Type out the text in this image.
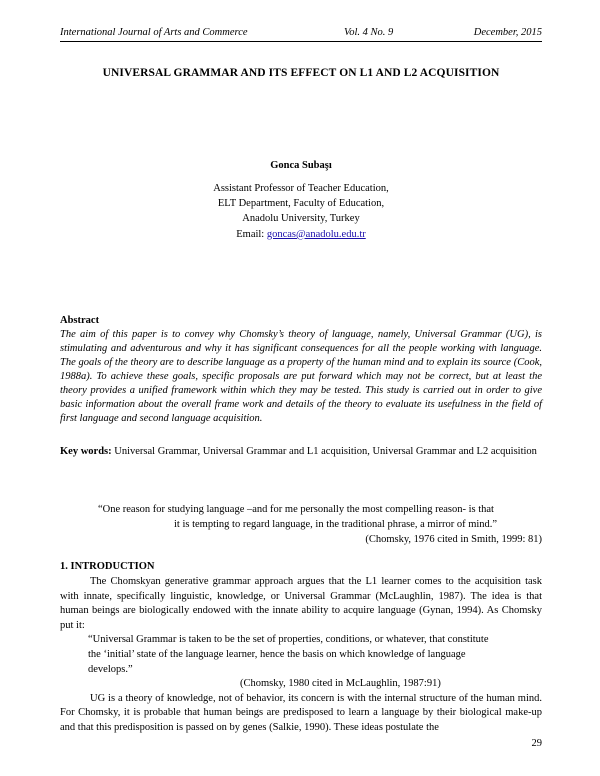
International Journal of Arts and Commerce	Vol. 4 No. 9	December, 2015
UNIVERSAL GRAMMAR AND ITS EFFECT ON L1 AND L2 ACQUISITION
Gonca Subaşı
Assistant Professor of Teacher Education,
ELT Department, Faculty of Education,
Anadolu University, Turkey
Email: goncas@anadolu.edu.tr
Abstract
The aim of this paper is to convey why Chomsky’s theory of language, namely, Universal Grammar (UG), is stimulating and adventurous and why it has significant consequences for all the people working with language. The goals of the theory are to describe language as a property of the human mind and to explain its source (Cook, 1988a). To achieve these goals, specific proposals are put forward which may not be correct, but at least the theory provides a unified framework within which they may be tested. This study is carried out in order to give basic information about the overall frame work and details of the theory to evaluate its usefulness in the field of first language and second language acquisition.
Key words: Universal Grammar, Universal Grammar and L1 acquisition, Universal Grammar and L2 acquisition
“One reason for studying language –and for me personally the most compelling reason- is that
it is tempting to regard language, in the traditional phrase, a mirror of mind.”
(Chomsky, 1976 cited in Smith, 1999: 81)
1. INTRODUCTION

The Chomskyan generative grammar approach argues that the L1 learner comes to the acquisition task with innate, specifically linguistic, knowledge, or Universal Grammar (McLaughlin, 1987). The idea is that human beings are biologically endowed with the innate ability to acquire language (Gynan, 1994). As Chomsky put it:

“Universal Grammar is taken to be the set of properties, conditions, or whatever, that constitute the ‘initial’ state of the language learner, hence the basis on which knowledge of language develops.”

(Chomsky, 1980 cited in McLaughlin, 1987:91)

UG is a theory of knowledge, not of behavior, its concern is with the internal structure of the human mind. For Chomsky, it is probable that human beings are predisposed to learn a language by their biological make-up and that this predisposition is passed on by genes (Salkie, 1990). These ideas postulate the

29
